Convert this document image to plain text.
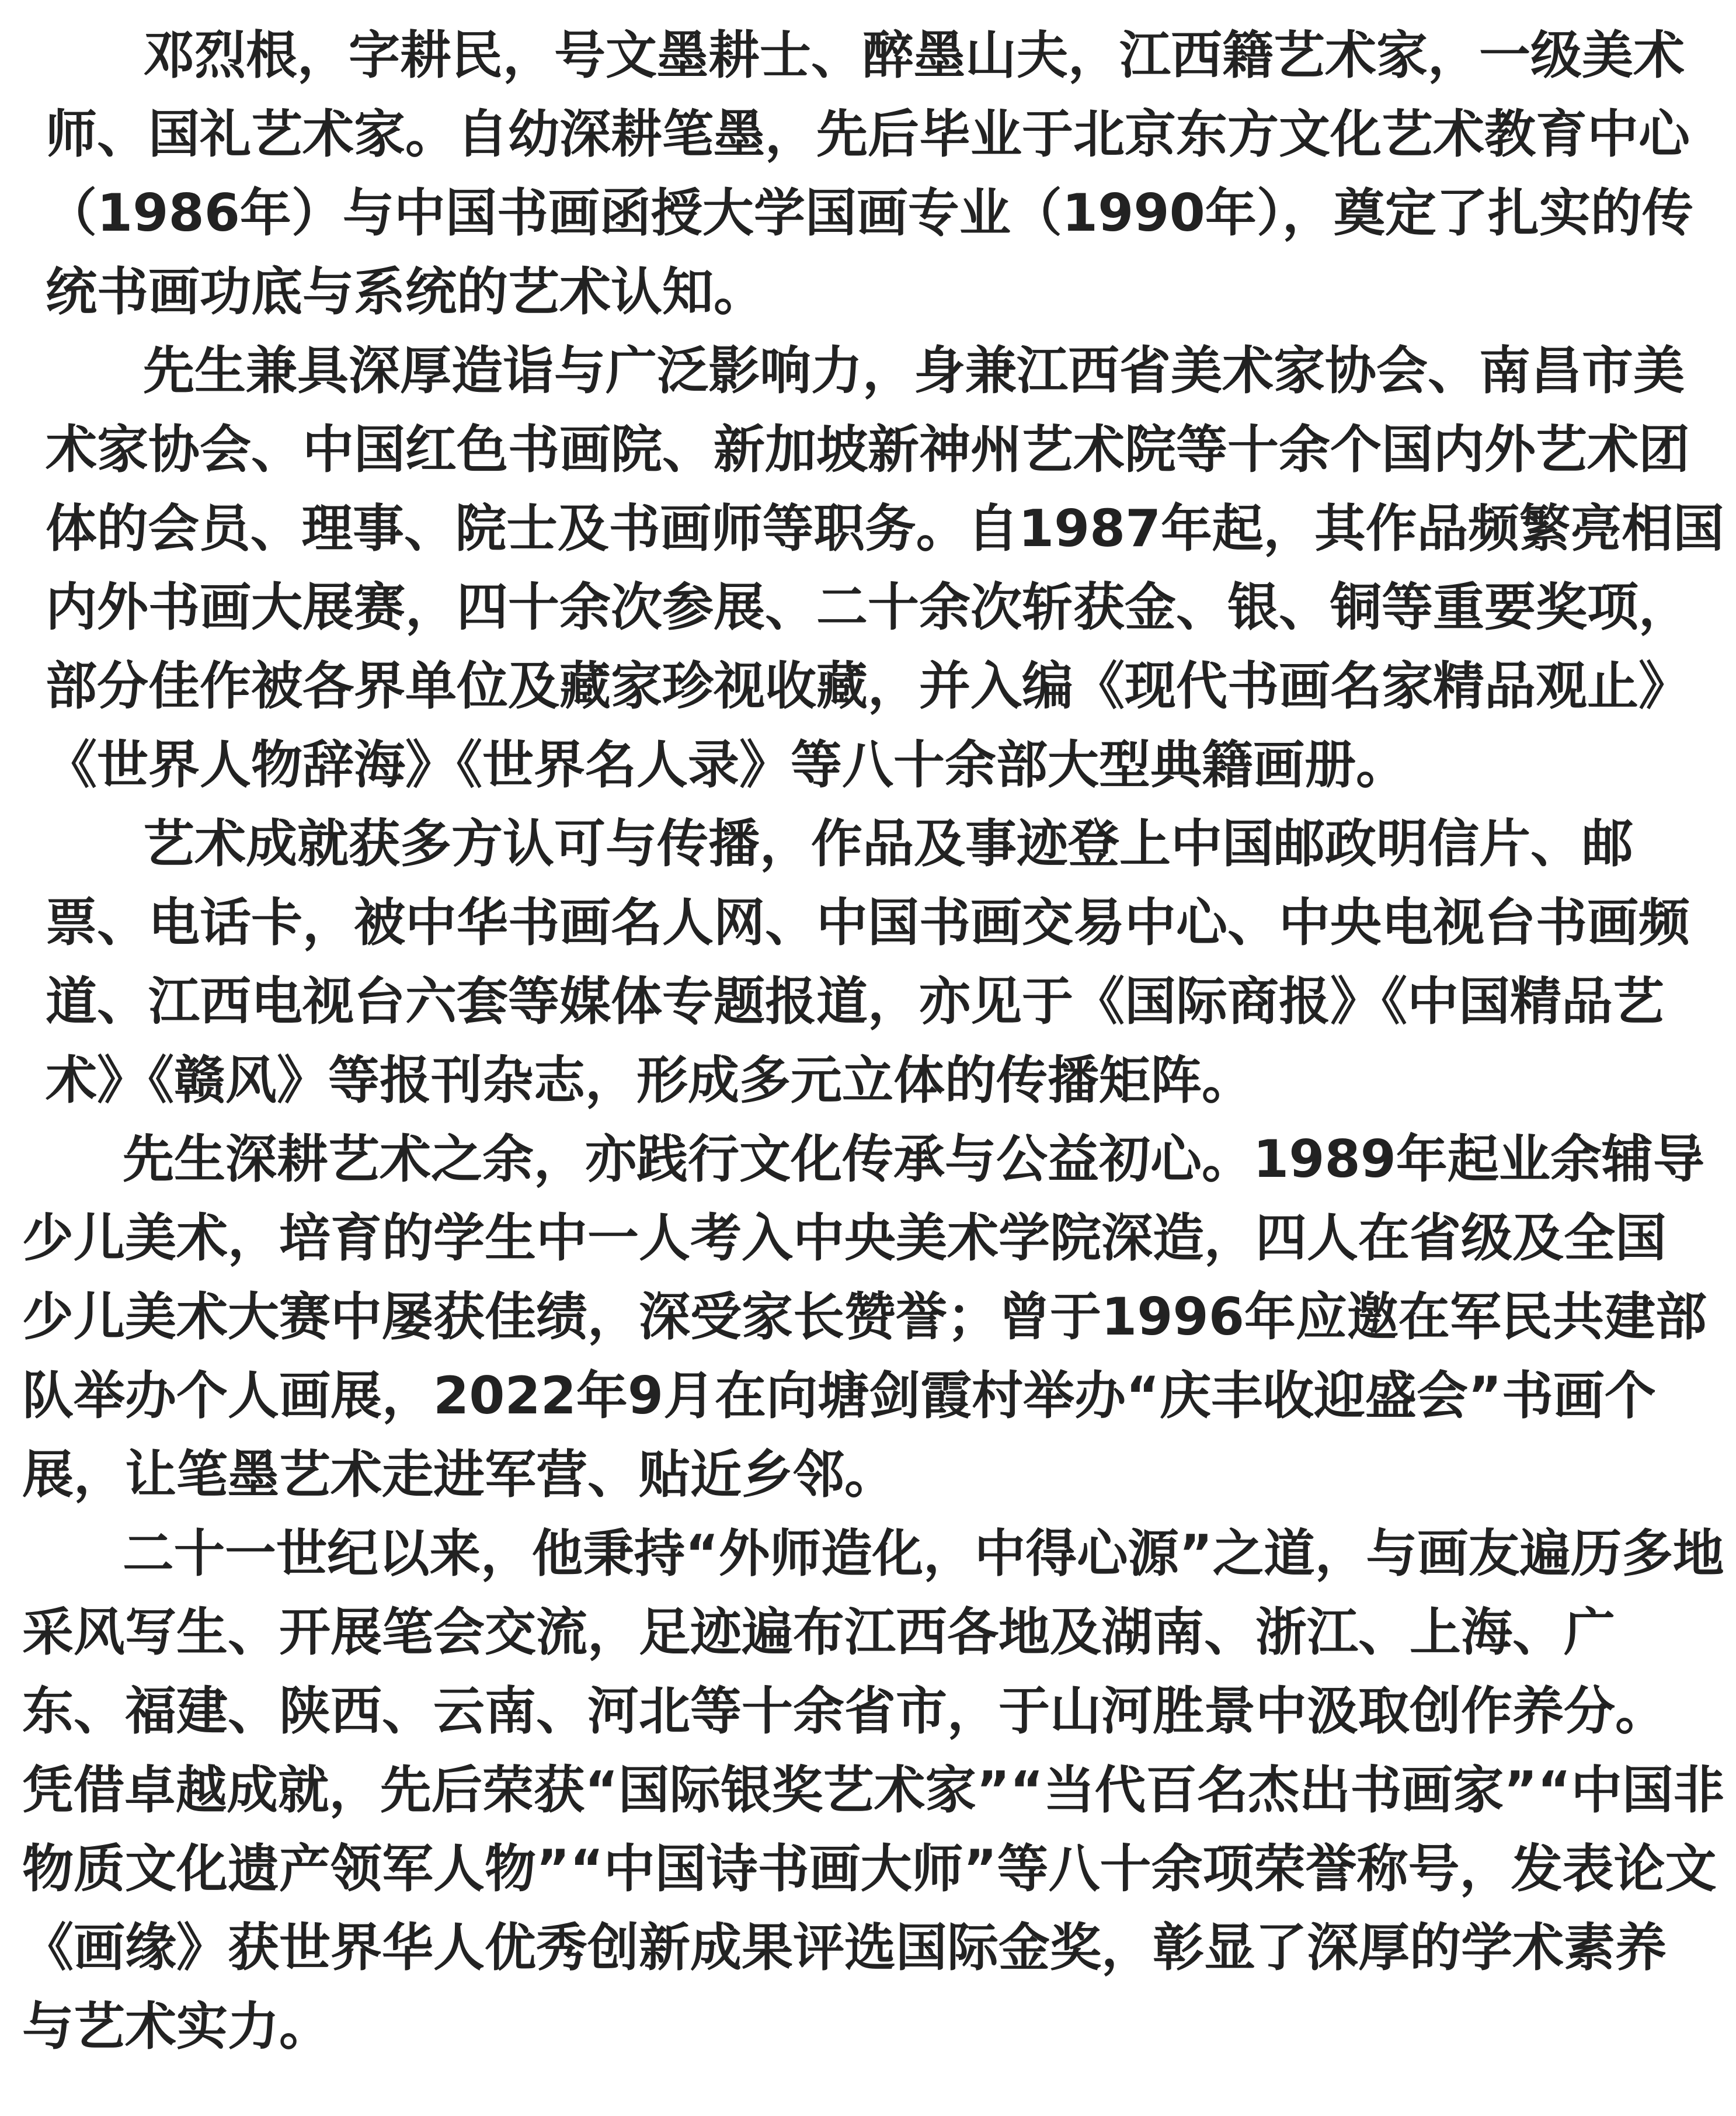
邓烈根，字耕民，号文墨耕士、醉墨山夫，江西籍艺术家，一级美术
师、国礼艺术家。自幼深耕笔墨，先后毕业于北京东方文化艺术教育中心
（1986年）与中国书画函授大学国画专业（1990年），奠定了扎实的传
统书画功底与系统的艺术认知。
先生兼具深厚造诣与广泛影响力，身兼江西省美术家协会、南昌市美
术家协会、中国红色书画院、新加坡新神州艺术院等十余个国内外艺术团
体的会员、理事、院士及书画师等职务。自1987年起，其作品频繁亮相国
内外书画大展赛，四十余次参展、二十余次斩获金、银、铜等重要奖项，
部分佳作被各界单位及藏家珍视收藏，并入编《现代书画名家精品观止》
《世界人物辞海》《世界名人录》等八十余部大型典籍画册。
艺术成就获多方认可与传播，作品及事迹登上中国邮政明信片、邮
票、电话卡，被中华书画名人网、中国书画交易中心、中央电视台书画频
道、江西电视台六套等媒体专题报道，亦见于《国际商报》《中国精品艺
术》《赣风》等报刊杂志，形成多元立体的传播矩阵。
先生深耕艺术之余，亦践行文化传承与公益初心。1989年起业余辅导
少儿美术，培育的学生中一人考入中央美术学院深造，四人在省级及全国
少儿美术大赛中屡获佳绩，深受家长赞誉；曾于1996年应邀在军民共建部
队举办个人画展，2022年9月在向塘剑霞村举办“庆丰收迎盛会”书画个
展，让笔墨艺术走进军营、贴近乡邻。
二十一世纪以来，他秉持“外师造化，中得心源”之道，与画友遍历多地
采风写生、开展笔会交流，足迹遍布江西各地及湖南、浙江、上海、广
东、福建、陕西、云南、河北等十余省市，于山河胜景中汲取创作养分。
凭借卓越成就，先后荣获“国际银奖艺术家”“当代百名杰出书画家”“中国非
物质文化遗产领军人物”“中国诗书画大师”等八十余项荣誉称号，发表论文
《画缘》获世界华人优秀创新成果评选国际金奖，彰显了深厚的学术素养
与艺术实力。
